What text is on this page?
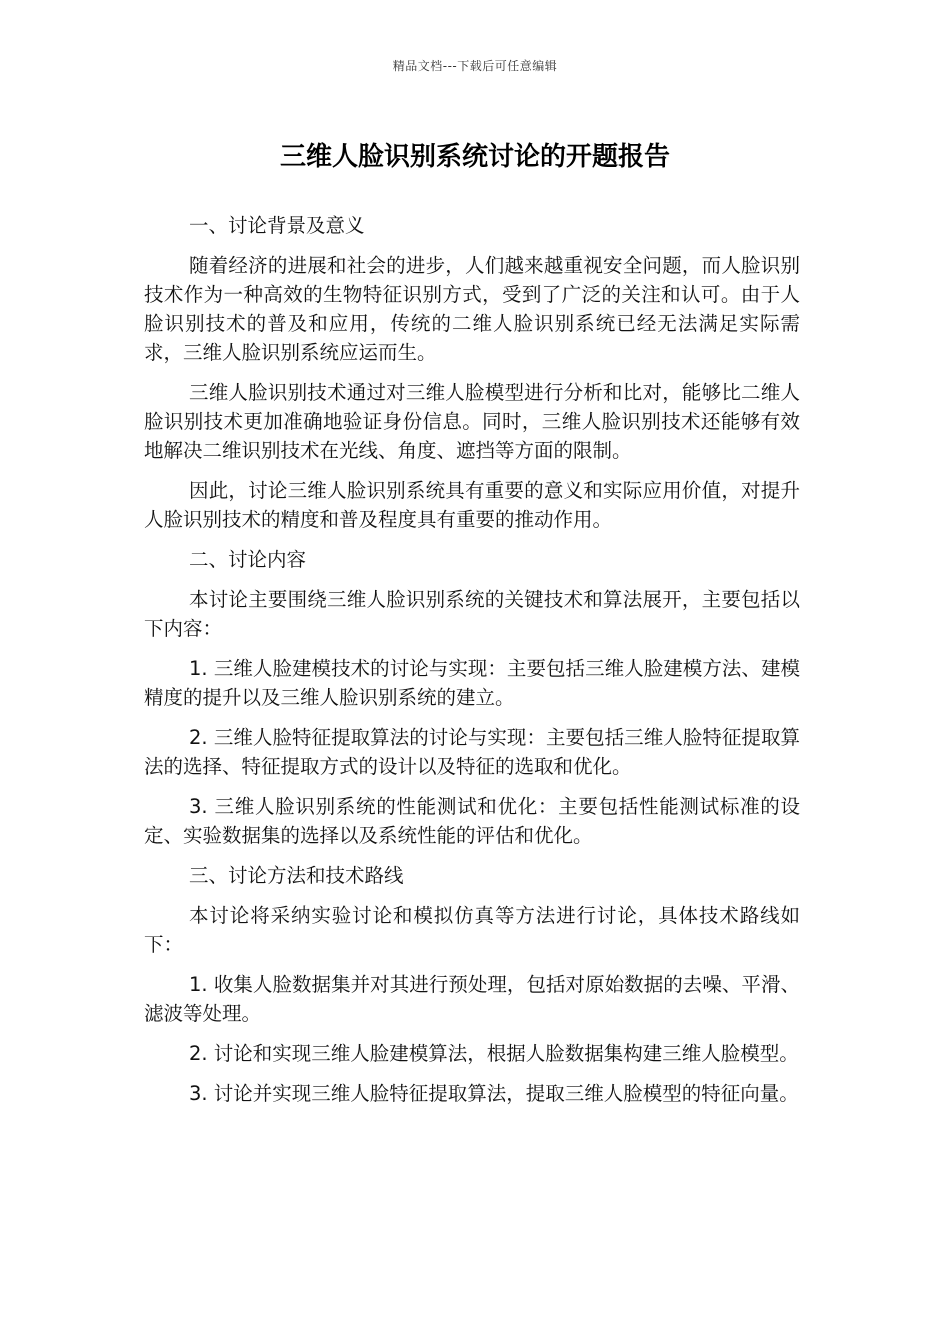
精品文档---下载后可任意编辑
三维人脸识别系统讨论的开题报告

一、讨论背景及意义

随着经济的进展和社会的进步，人们越来越重视安全问题，而人脸识别技术作为一种高效的生物特征识别方式，受到了广泛的关注和认可。由于人脸识别技术的普及和应用，传统的二维人脸识别系统已经无法满足实际需求，三维人脸识别系统应运而生。

三维人脸识别技术通过对三维人脸模型进行分析和比对，能够比二维人脸识别技术更加准确地验证身份信息。同时，三维人脸识别技术还能够有效地解决二维识别技术在光线、角度、遮挡等方面的限制。

因此，讨论三维人脸识别系统具有重要的意义和实际应用价值，对提升人脸识别技术的精度和普及程度具有重要的推动作用。

二、讨论内容

本讨论主要围绕三维人脸识别系统的关键技术和算法展开，主要包括以下内容：

1. 三维人脸建模技术的讨论与实现：主要包括三维人脸建模方法、建模精度的提升以及三维人脸识别系统的建立。

2. 三维人脸特征提取算法的讨论与实现：主要包括三维人脸特征提取算法的选择、特征提取方式的设计以及特征的选取和优化。

3. 三维人脸识别系统的性能测试和优化：主要包括性能测试标准的设定、实验数据集的选择以及系统性能的评估和优化。

三、讨论方法和技术路线

本讨论将采纳实验讨论和模拟仿真等方法进行讨论，具体技术路线如下：

1. 收集人脸数据集并对其进行预处理，包括对原始数据的去噪、平滑、滤波等处理。

2. 讨论和实现三维人脸建模算法，根据人脸数据集构建三维人脸模型。

3. 讨论并实现三维人脸特征提取算法，提取三维人脸模型的特征向量。
